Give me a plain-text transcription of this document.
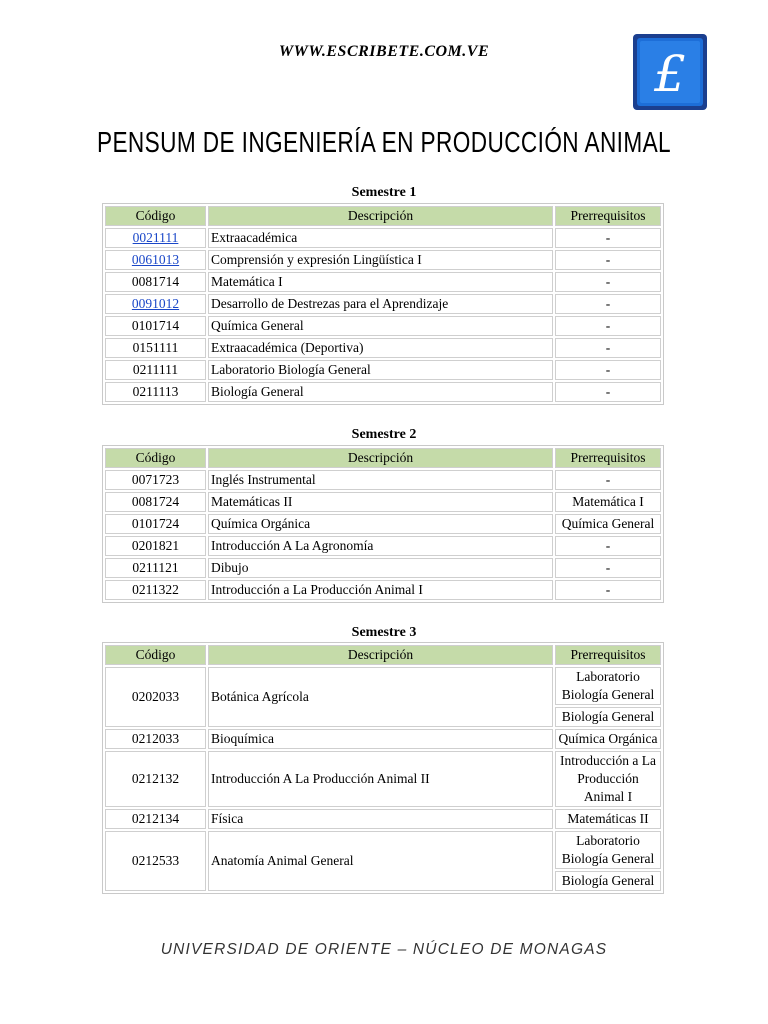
WWW.ESCRIBETE.COM.VE	£
PENSUM DE INGENIERÍA EN PRODUCCIÓN ANIMAL
Semestre 1
Código	Descripción	Prerrequisitos
0021111	Extraacadémica	-
0061013	Comprensión y expresión Lingüística I	-
0081714	Matemática I	-
0091012	Desarrollo de Destrezas para el Aprendizaje	-
0101714	Química General	-
0151111	Extraacadémica (Deportiva)	-
0211111	Laboratorio Biología General	-
0211113	Biología General	-
Semestre 2
Código	Descripción	Prerrequisitos
0071723	Inglés Instrumental	-
0081724	Matemáticas II	Matemática I
0101724	Química Orgánica	Química General
0201821	Introducción A La Agronomía	-
0211121	Dibujo	-
0211322	Introducción a La Producción Animal I	-
Semestre 3
Código	Descripción	Prerrequisitos
0202033	Botánica Agrícola	Laboratorio Biología General
		Biología General
0212033	Bioquímica	Química Orgánica
0212132	Introducción A La Producción Animal II	Introducción a La Producción Animal I
0212134	Física	Matemáticas II
0212533	Anatomía Animal General	Laboratorio Biología General
		Biología General
UNIVERSIDAD DE ORIENTE – NÚCLEO DE MONAGAS
